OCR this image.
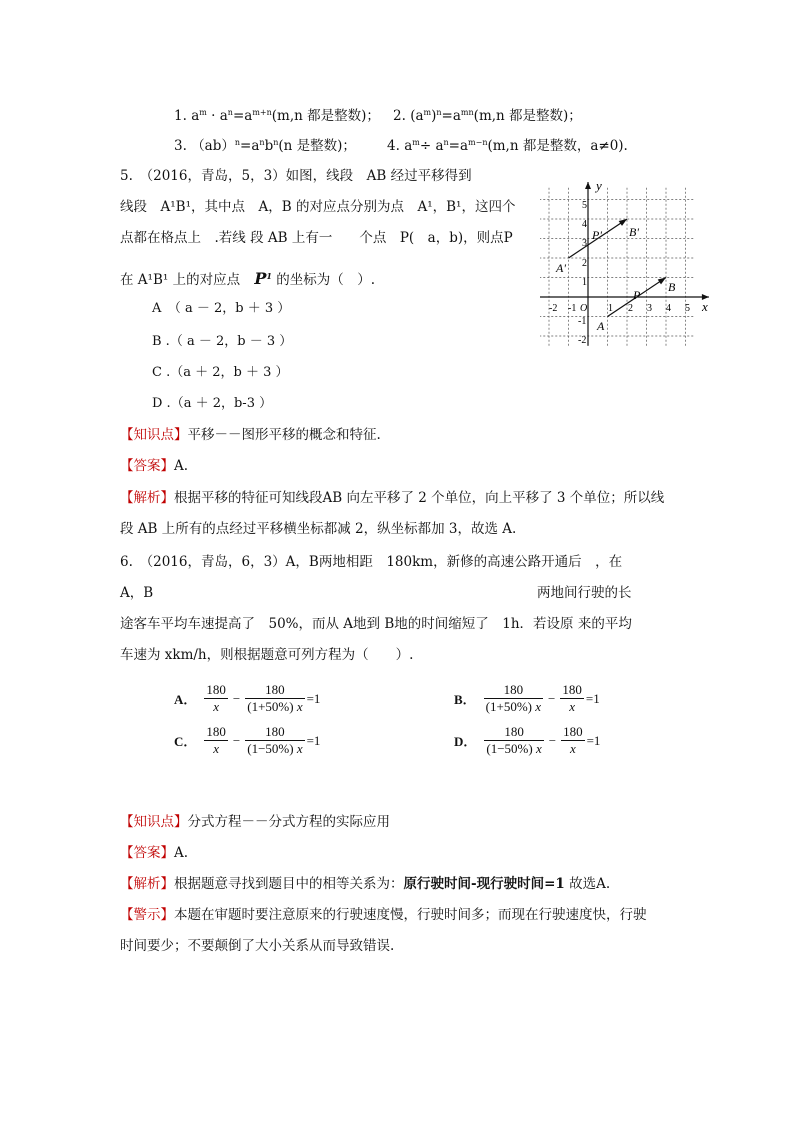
1. $a^m \cdot a^n=a^{m+n}(m,n$ 都是整数)； 2. $(a^m)^n=a^{mn}(m,n$ 都是整数)；
3. $(ab)^n=a^nb^n(n$ 是整数)； 4. $a^m\div a^n=a^{m-n}(m,n$ 都是整数，a≠0).
5.　（2016，青岛，5，3）如图，线段　AB 经过平移得到
线段　A¹B¹，其中点　A，B 的对应点分别为点　A¹，B¹，这四个
点都在格点上　.若线 段 AB 上有一　　个点　P(　a，b)，则点P
在 A¹B¹ 上的对应点 $P^1$ 的坐标为（　）.
A　（ a － 2，b ＋ 3 ）
B .（ a － 2，b － 3 ）
C .（a ＋ 2，b ＋ 3 ）
D .（a ＋ 2，b-3 ）
【知识点】平移－－图形平移的概念和特征.
【答案】A.
【解析】根据平移的特征可知线段AB 向左平移了 2 个单位，向上平移了 3 个单位；所以线
段 AB 上所有的点经过平移横坐标都减 2，纵坐标都加 3，故选 A.
-2 -1 O 1 2 3 4 5
5
4
3
2
1
-1
-2
x
y
A
B
P
A'
B'
P'
6.　（2016，青岛，6，3）A，B两地相距　180km，新修的高速公路开通后　，在
A，B	两地间行驶的长
途客车平均车速提高了　50%，而从 A地到 B地的时间缩短了　1h．若设原 来的平均
车速为 xkm/h，则根据题意可列方程为（　　）.
A． $\frac{180}{x} - \frac{180}{(1+50\%) x} =1$	B． $\frac{180}{(1+50\%) x} - \frac{180}{x} =1$
C． $\frac{180}{x} - \frac{180}{(1-50\%) x} =1$	D． $\frac{180}{(1-50\%) x} - \frac{180}{x} =1$
【知识点】分式方程－－分式方程的实际应用
【答案】A.
【解析】根据题意寻找到题目中的相等关系为：原行驶时间-现行驶时间=1 故选A.
【警示】本题在审题时要注意原来的行驶速度慢，行驶时间多；而现在行驶速度快，行驶
时间要少；不要颠倒了大小关系从而导致错误.
